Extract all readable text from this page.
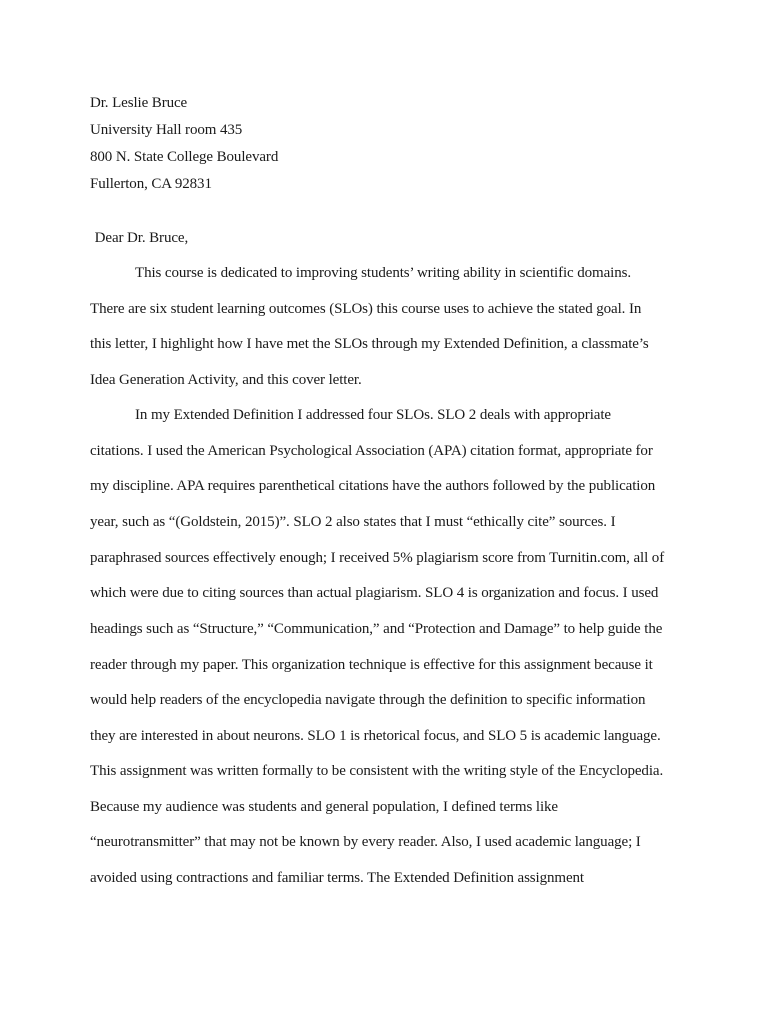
Dr. Leslie Bruce
University Hall room 435
800 N. State College Boulevard
Fullerton, CA 92831
Dear Dr. Bruce,
This course is dedicated to improving students’ writing ability in scientific domains.
There are six student learning outcomes (SLOs) this course uses to achieve the stated goal. In
this letter, I highlight how I have met the SLOs through my Extended Definition, a classmate’s
Idea Generation Activity, and this cover letter.
In my Extended Definition I addressed four SLOs. SLO 2 deals with appropriate
citations. I used the American Psychological Association (APA) citation format, appropriate for
my discipline. APA requires parenthetical citations have the authors followed by the publication
year, such as “(Goldstein, 2015)”. SLO 2 also states that I must “ethically cite” sources. I
paraphrased sources effectively enough; I received 5% plagiarism score from Turnitin.com, all of
which were due to citing sources than actual plagiarism. SLO 4 is organization and focus. I used
headings such as “Structure,” “Communication,” and “Protection and Damage” to help guide the
reader through my paper. This organization technique is effective for this assignment because it
would help readers of the encyclopedia navigate through the definition to specific information
they are interested in about neurons. SLO 1 is rhetorical focus, and SLO 5 is academic language.
This assignment was written formally to be consistent with the writing style of the Encyclopedia.
Because my audience was students and general population, I defined terms like
“neurotransmitter” that may not be known by every reader. Also, I used academic language; I
avoided using contractions and familiar terms. The Extended Definition assignment
